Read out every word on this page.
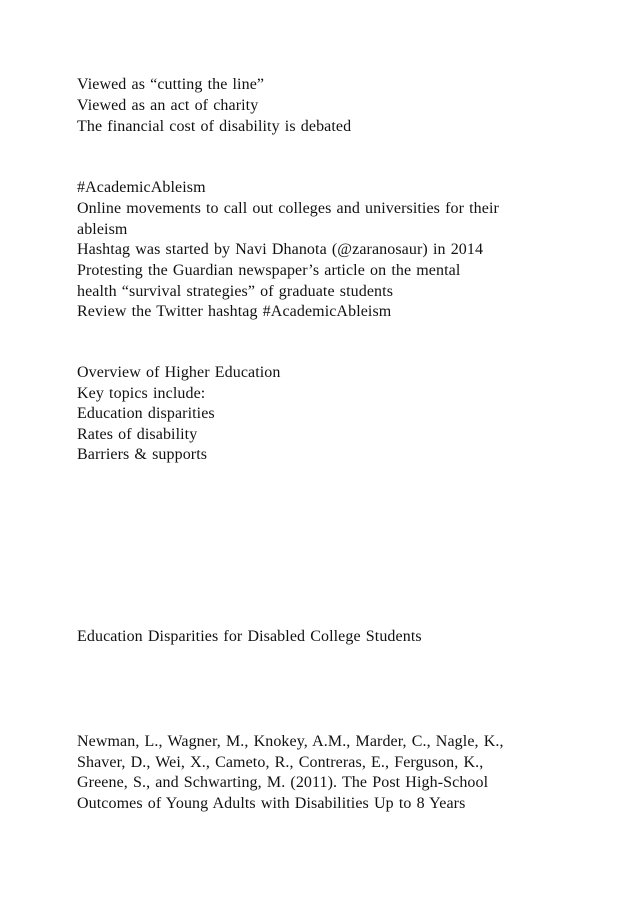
Viewed as “cutting the line”

Viewed as an act of charity

The financial cost of disability is debated

#AcademicAbleism

Online movements to call out colleges and universities for their

ableism

Hashtag was started by Navi Dhanota (@zaranosaur) in 2014

Protesting the Guardian newspaper’s article on the mental

health “survival strategies” of graduate students

Review the Twitter hashtag #AcademicAbleism

Overview of Higher Education

Key topics include:

Education disparities

Rates of disability

Barriers & supports

Education Disparities for Disabled College Students

Newman, L., Wagner, M., Knokey, A.M., Marder, C., Nagle, K.,

Shaver, D., Wei, X., Cameto, R., Contreras, E., Ferguson, K.,

Greene, S., and Schwarting, M. (2011). The Post High-School

Outcomes of Young Adults with Disabilities Up to 8 Years
